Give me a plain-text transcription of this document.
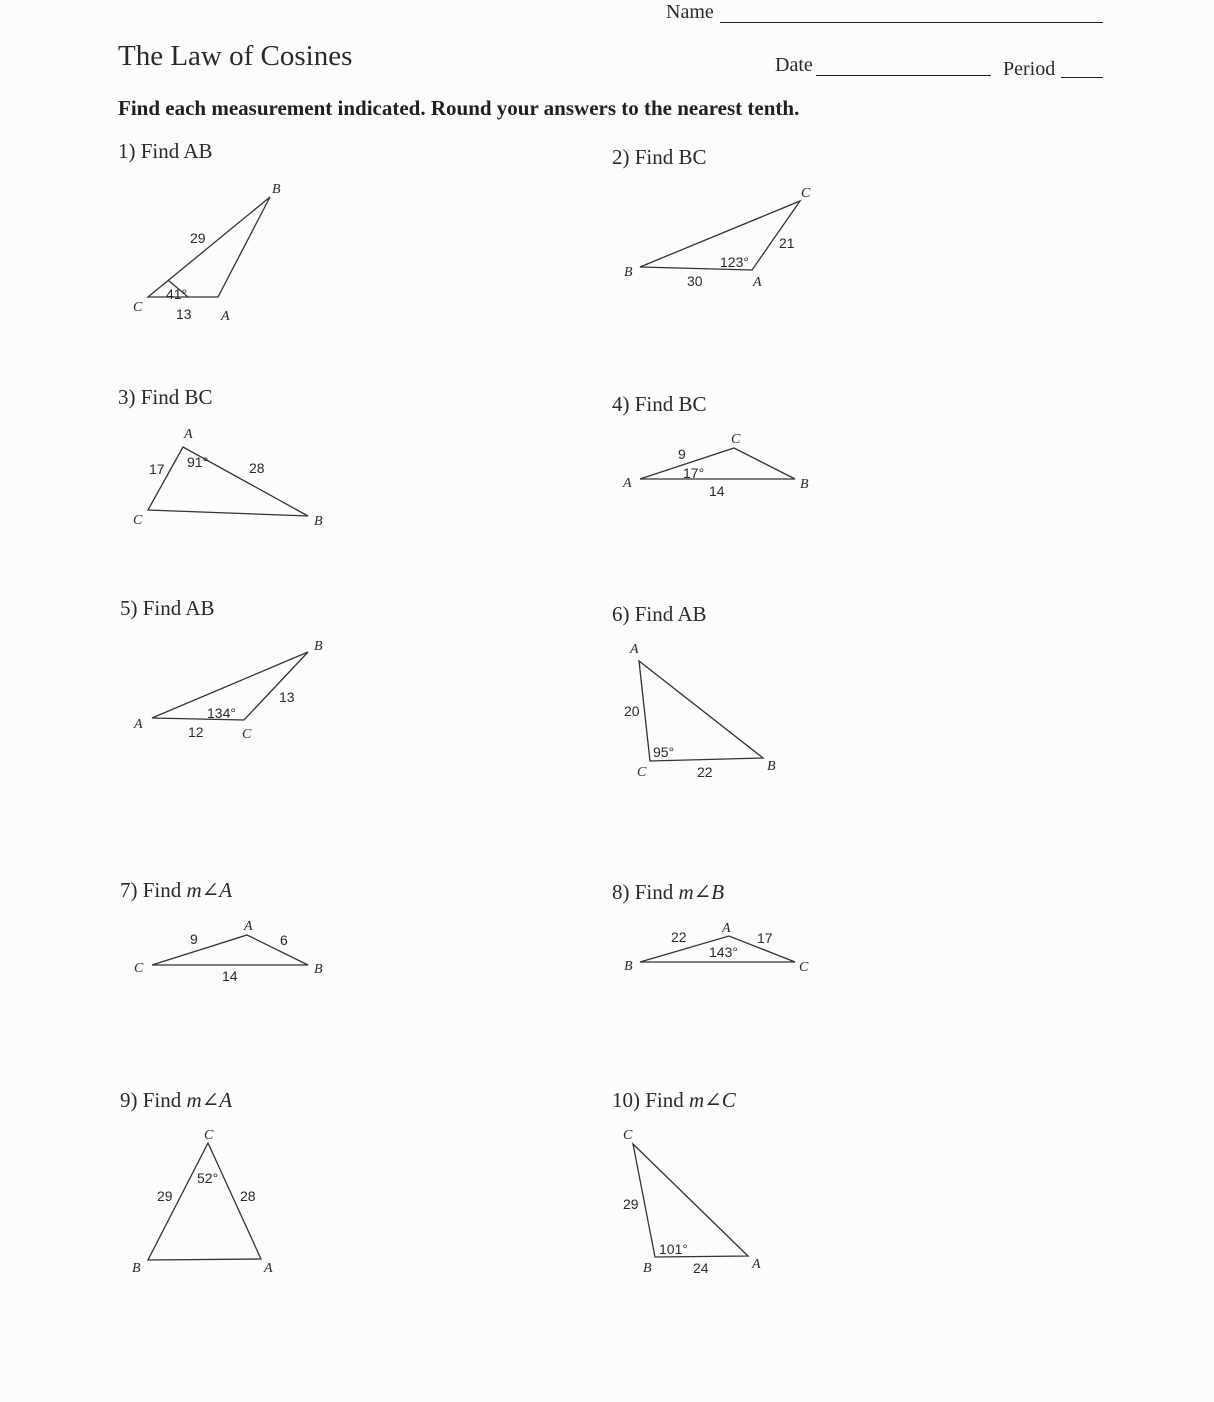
Name
The Law of Cosines	Date	Period
Find each measurement indicated. Round your answers to the nearest tenth.
1) Find AB	2) Find BC
3) Find BC	4) Find BC
5) Find AB	6) Find AB
7) Find m∠A	8) Find m∠B
9) Find m∠A	10) Find m∠C
B
C
A
29
13
41°
B
C
A
30
21
123°
A
C	B
17	28
91°
A
C
B
9
14
17°
A
C
B
12
13
134°
A
C	B
20
22
95°
C
A
B
9	6
14
B
A
C
22	17
143°
C
B	A
29	28
52°
C
B	A
29
24
101°
